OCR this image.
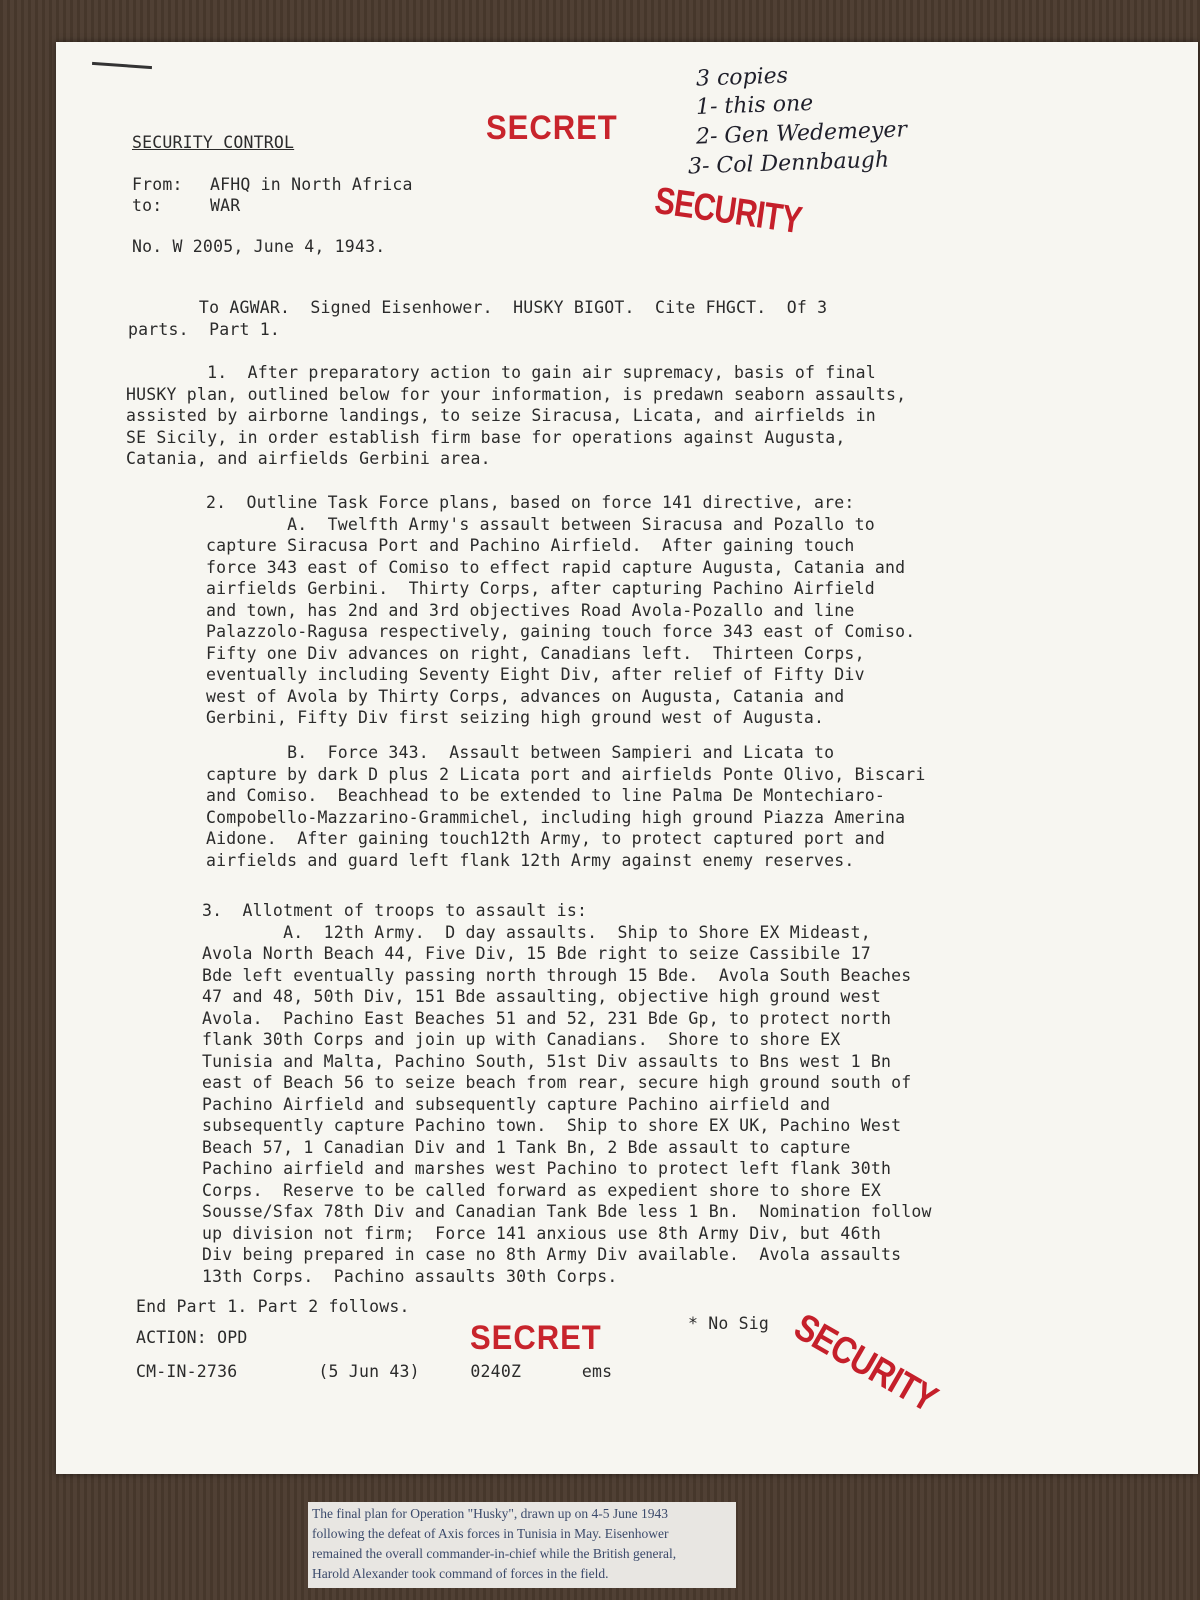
SECURITY CONTROL	SECRET
SECURITY
3 copies
1- this one
2- Gen Wedemeyer
3- Col Dennbaugh
From: AFHQ in North Africa
to:	WAR
No. W 2005, June 4, 1943.
To AGWAR.  Signed Eisenhower.  HUSKY BIGOT.  Cite FHGCT.  Of 3
parts.  Part 1.
1.  After preparatory action to gain air supremacy, basis of final
HUSKY plan, outlined below for your information, is predawn seaborn assaults,
assisted by airborne landings, to seize Siracusa, Licata, and airfields in
SE Sicily, in order establish firm base for operations against Augusta,
Catania, and airfields Gerbini area.
2.  Outline Task Force plans, based on force 141 directive, are:
A.  Twelfth Army's assault between Siracusa and Pozallo to
capture Siracusa Port and Pachino Airfield.  After gaining touch
force 343 east of Comiso to effect rapid capture Augusta, Catania and
airfields Gerbini.  Thirty Corps, after capturing Pachino Airfield
and town, has 2nd and 3rd objectives Road Avola-Pozallo and line
Palazzolo-Ragusa respectively, gaining touch force 343 east of Comiso.
Fifty one Div advances on right, Canadians left.  Thirteen Corps,
eventually including Seventy Eight Div, after relief of Fifty Div
west of Avola by Thirty Corps, advances on Augusta, Catania and
Gerbini, Fifty Div first seizing high ground west of Augusta.
B.  Force 343.  Assault between Sampieri and Licata to
capture by dark D plus 2 Licata port and airfields Ponte Olivo, Biscari
and Comiso.  Beachhead to be extended to line Palma De Montechiaro-
Compobello-Mazzarino-Grammichel, including high ground Piazza Amerina
Aidone.  After gaining touch12th Army, to protect captured port and
airfields and guard left flank 12th Army against enemy reserves.
3.  Allotment of troops to assault is:
A.  12th Army.  D day assaults.  Ship to Shore EX Mideast,
Avola North Beach 44, Five Div, 15 Bde right to seize Cassibile 17
Bde left eventually passing north through 15 Bde.  Avola South Beaches
47 and 48, 50th Div, 151 Bde assaulting, objective high ground west
Avola.  Pachino East Beaches 51 and 52, 231 Bde Gp, to protect north
flank 30th Corps and join up with Canadians.  Shore to shore EX
Tunisia and Malta, Pachino South, 51st Div assaults to Bns west 1 Bn
east of Beach 56 to seize beach from rear, secure high ground south of
Pachino Airfield and subsequently capture Pachino airfield and
subsequently capture Pachino town.  Ship to shore EX UK, Pachino West
Beach 57, 1 Canadian Div and 1 Tank Bn, 2 Bde assault to capture
Pachino airfield and marshes west Pachino to protect left flank 30th
Corps.  Reserve to be called forward as expedient shore to shore EX
Sousse/Sfax 78th Div and Canadian Tank Bde less 1 Bn.  Nomination follow
up division not firm;  Force 141 anxious use 8th Army Div, but 46th
Div being prepared in case no 8th Army Div available.  Avola assaults
13th Corps.  Pachino assaults 30th Corps.
End Part 1. Part 2 follows.
ACTION: OPD
* No Sig
CM-IN-2736        (5 Jun 43)     0240Z      ems
SECRET	SECURITY
The final plan for Operation "Husky", drawn up on 4-5 June 1943
following the defeat of Axis forces in Tunisia in May. Eisenhower
remained the overall commander-in-chief while the British general,
Harold Alexander took command of forces in the field.
